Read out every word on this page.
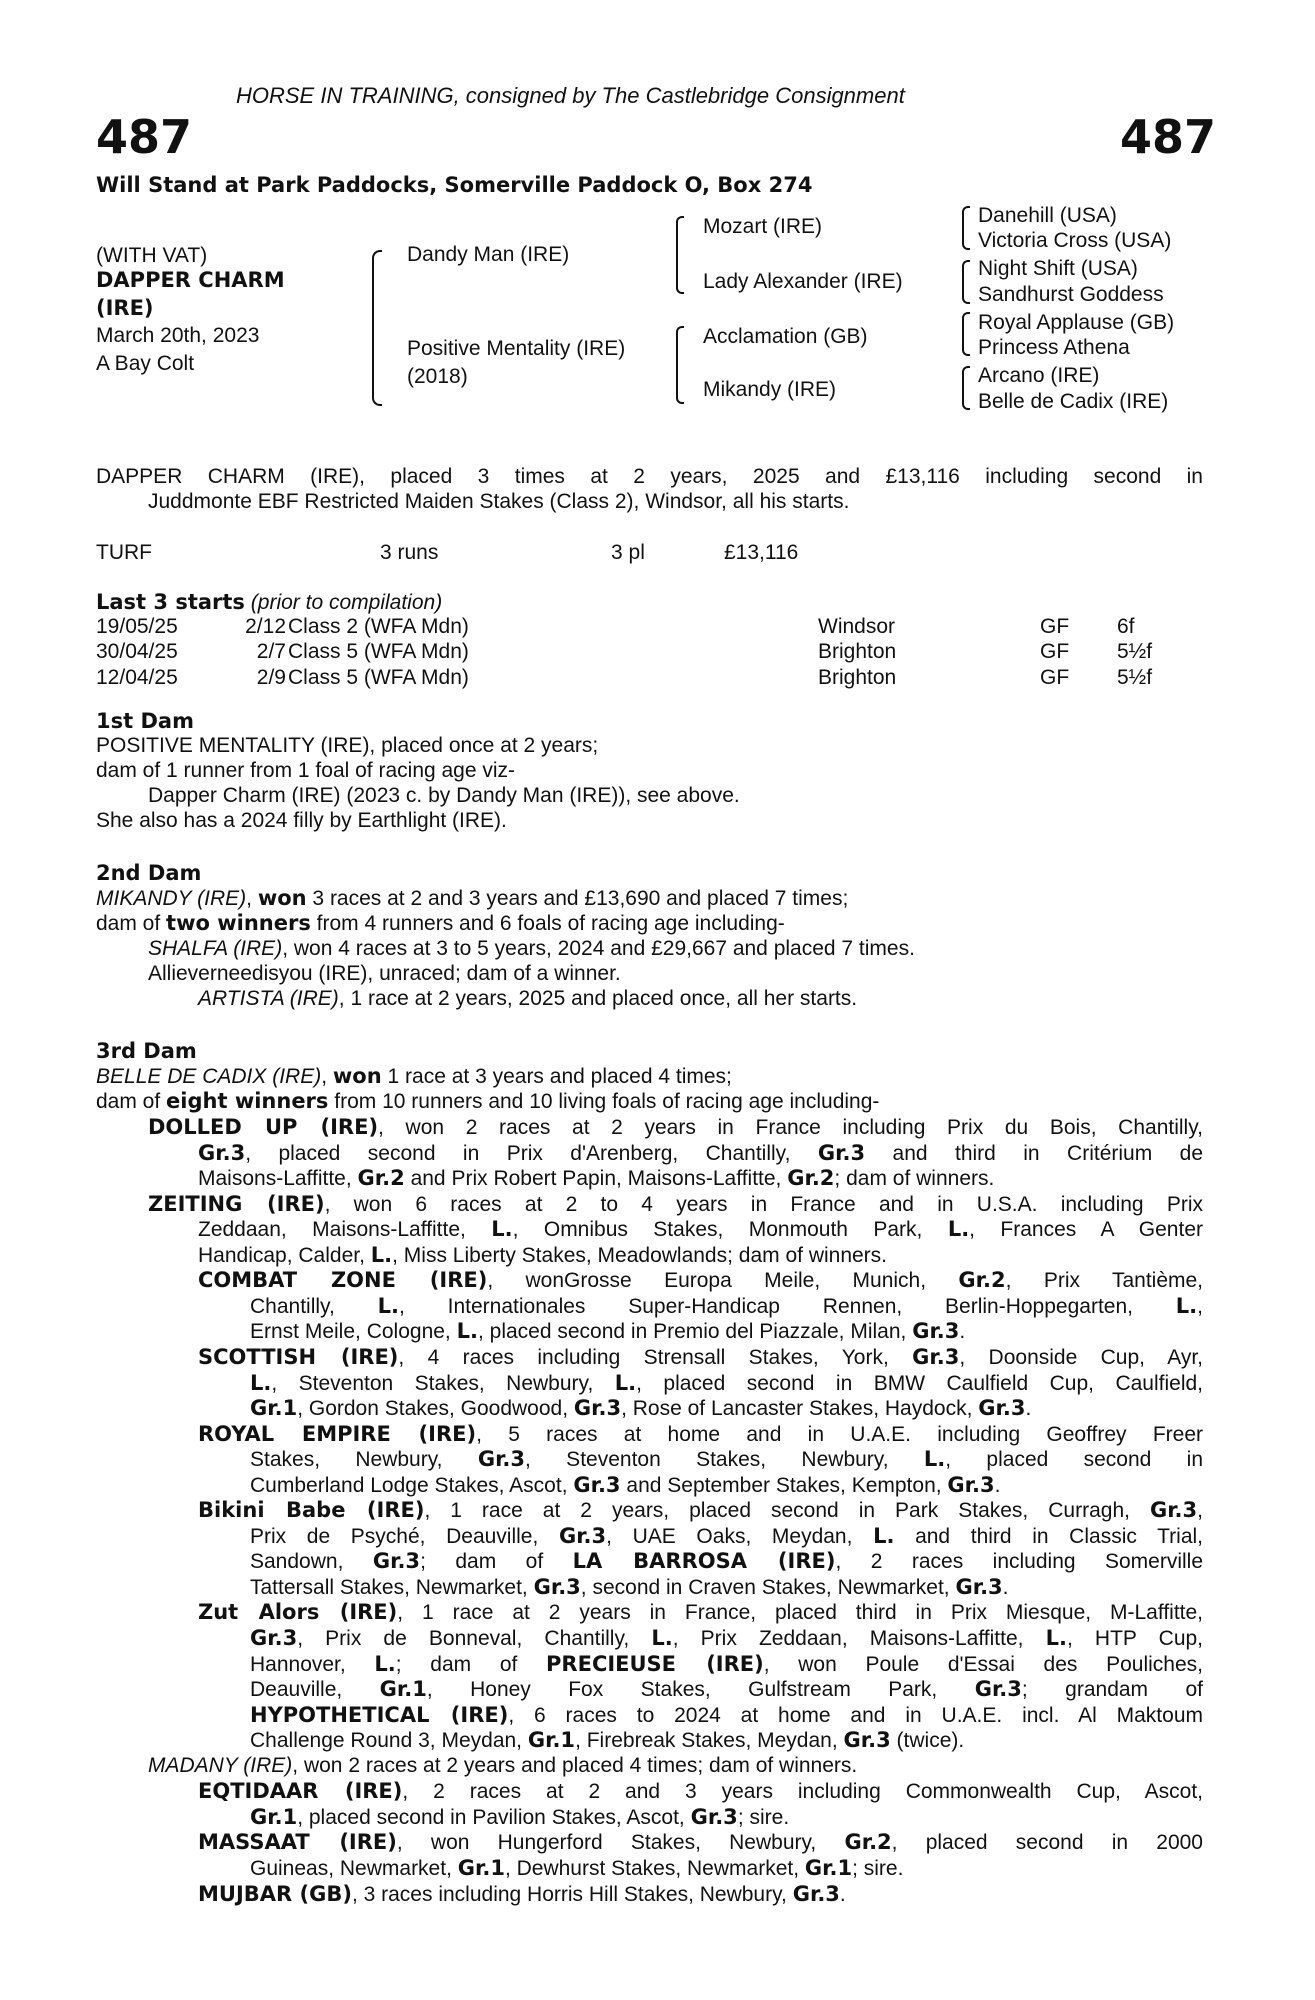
HORSE IN TRAINING, consigned by The Castlebridge Consignment
487	487
Will Stand at Park Paddocks, Somerville Paddock O, Box 274
(WITH VAT)
DAPPER CHARM
(IRE)
March 20th, 2023
A Bay Colt
Dandy Man (IRE)
Positive Mentality (IRE)
(2018)
Mozart (IRE)
Lady Alexander (IRE)
Acclamation (GB)
Mikandy (IRE)
Danehill (USA)
Victoria Cross (USA)
Night Shift (USA)
Sandhurst Goddess
Royal Applause (GB)
Princess Athena
Arcano (IRE)
Belle de Cadix (IRE)
DAPPER CHARM (IRE), placed 3 times at 2 years, 2025 and £13,116 including second in
Juddmonte EBF Restricted Maiden Stakes (Class 2), Windsor, all his starts.
TURF	3 runs	3 pl	£13,116
Last 3 starts (prior to compilation)
19/05/25	2/12 Class 2 (WFA Mdn)	Windsor	GF 6f
30/04/25	2/7 Class 5 (WFA Mdn)	Brighton	GF 5½f
12/04/25	2/9 Class 5 (WFA Mdn)	Brighton	GF 5½f
1st Dam
POSITIVE MENTALITY (IRE), placed once at 2 years;
dam of 1 runner from 1 foal of racing age viz-
Dapper Charm (IRE) (2023 c. by Dandy Man (IRE)), see above.
She also has a 2024 filly by Earthlight (IRE).
2nd Dam
MIKANDY (IRE), won 3 races at 2 and 3 years and £13,690 and placed 7 times;
dam of two winners from 4 runners and 6 foals of racing age including-
SHALFA (IRE), won 4 races at 3 to 5 years, 2024 and £29,667 and placed 7 times.
Allieverneedisyou (IRE), unraced; dam of a winner.
ARTISTA (IRE), 1 race at 2 years, 2025 and placed once, all her starts.
3rd Dam
BELLE DE CADIX (IRE), won 1 race at 3 years and placed 4 times;
dam of eight winners from 10 runners and 10 living foals of racing age including-
DOLLED UP (IRE), won 2 races at 2 years in France including Prix du Bois, Chantilly,
Gr.3, placed second in Prix d'Arenberg, Chantilly, Gr.3 and third in Critérium de
Maisons-Laffitte, Gr.2 and Prix Robert Papin, Maisons-Laffitte, Gr.2; dam of winners.
ZEITING (IRE), won 6 races at 2 to 4 years in France and in U.S.A. including Prix
Zeddaan, Maisons-Laffitte, L., Omnibus Stakes, Monmouth Park, L., Frances A Genter
Handicap, Calder, L., Miss Liberty Stakes, Meadowlands; dam of winners.
COMBAT ZONE (IRE), wonGrosse Europa Meile, Munich, Gr.2, Prix Tantième,
Chantilly, L., Internationales Super-Handicap Rennen, Berlin-Hoppegarten, L.,
Ernst Meile, Cologne, L., placed second in Premio del Piazzale, Milan, Gr.3.
SCOTTISH (IRE), 4 races including Strensall Stakes, York, Gr.3, Doonside Cup, Ayr,
L., Steventon Stakes, Newbury, L., placed second in BMW Caulfield Cup, Caulfield,
Gr.1, Gordon Stakes, Goodwood, Gr.3, Rose of Lancaster Stakes, Haydock, Gr.3.
ROYAL EMPIRE (IRE), 5 races at home and in U.A.E. including Geoffrey Freer
Stakes, Newbury, Gr.3, Steventon Stakes, Newbury, L., placed second in
Cumberland Lodge Stakes, Ascot, Gr.3 and September Stakes, Kempton, Gr.3.
Bikini Babe (IRE), 1 race at 2 years, placed second in Park Stakes, Curragh, Gr.3,
Prix de Psyché, Deauville, Gr.3, UAE Oaks, Meydan, L. and third in Classic Trial,
Sandown, Gr.3; dam of LA BARROSA (IRE), 2 races including Somerville
Tattersall Stakes, Newmarket, Gr.3, second in Craven Stakes, Newmarket, Gr.3.
Zut Alors (IRE), 1 race at 2 years in France, placed third in Prix Miesque, M-Laffitte,
Gr.3, Prix de Bonneval, Chantilly, L., Prix Zeddaan, Maisons-Laffitte, L., HTP Cup,
Hannover, L.; dam of PRECIEUSE (IRE), won Poule d'Essai des Pouliches,
Deauville, Gr.1, Honey Fox Stakes, Gulfstream Park, Gr.3; grandam of
HYPOTHETICAL (IRE), 6 races to 2024 at home and in U.A.E. incl. Al Maktoum
Challenge Round 3, Meydan, Gr.1, Firebreak Stakes, Meydan, Gr.3 (twice).
MADANY (IRE), won 2 races at 2 years and placed 4 times; dam of winners.
EQTIDAAR (IRE), 2 races at 2 and 3 years including Commonwealth Cup, Ascot,
Gr.1, placed second in Pavilion Stakes, Ascot, Gr.3; sire.
MASSAAT (IRE), won Hungerford Stakes, Newbury, Gr.2, placed second in 2000
Guineas, Newmarket, Gr.1, Dewhurst Stakes, Newmarket, Gr.1; sire.
MUJBAR (GB), 3 races including Horris Hill Stakes, Newbury, Gr.3.
